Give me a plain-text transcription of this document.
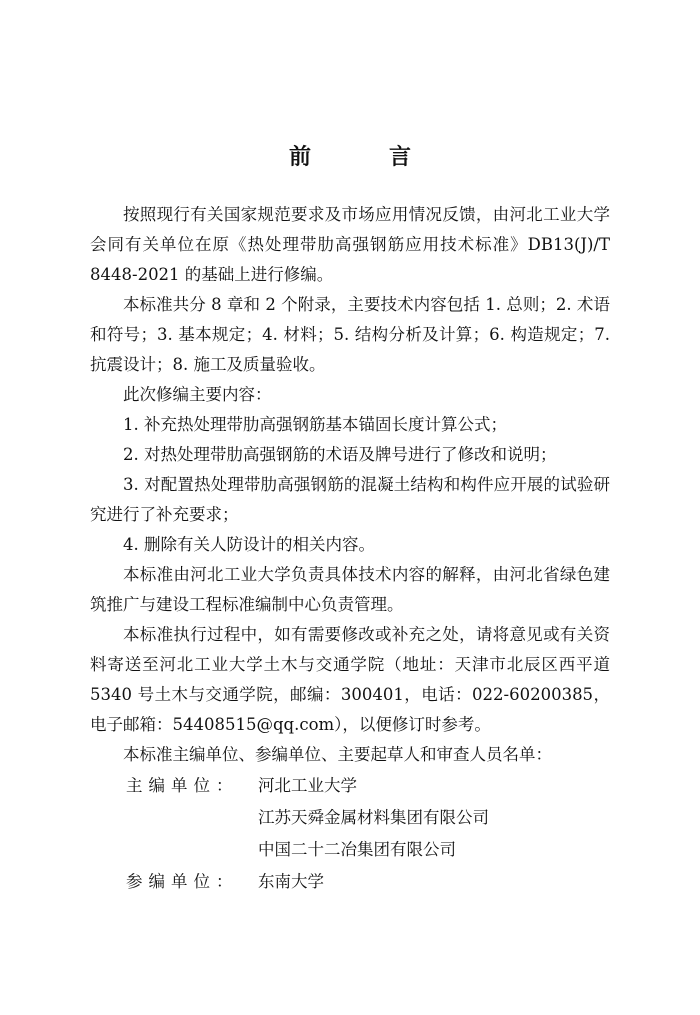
前　言

按照现行有关国家规范要求及市场应用情况反馈，由河北工业大学会同有关单位在原《热处理带肋高强钢筋应用技术标准》DB13(J)/T 8448-2021 的基础上进行修编。

本标准共分 8 章和 2 个附录，主要技术内容包括 1. 总则；2. 术语和符号；3. 基本规定；4. 材料；5. 结构分析及计算；6. 构造规定；7. 抗震设计；8. 施工及质量验收。

此次修编主要内容：

1. 补充热处理带肋高强钢筋基本锚固长度计算公式；

2. 对热处理带肋高强钢筋的术语及牌号进行了修改和说明；

3. 对配置热处理带肋高强钢筋的混凝土结构和构件应开展的试验研究进行了补充要求；

4. 删除有关人防设计的相关内容。

本标准由河北工业大学负责具体技术内容的解释，由河北省绿色建筑推广与建设工程标准编制中心负责管理。

本标准执行过程中，如有需要修改或补充之处，请将意见或有关资料寄送至河北工业大学土木与交通学院（地址：天津市北辰区西平道 5340 号土木与交通学院，邮编：300401，电话：022-60200385，电子邮箱：54408515@qq.com），以便修订时参考。

本标准主编单位、参编单位、主要起草人和审查人员名单：

主编单位：	河北工业大学
江苏天舜金属材料集团有限公司
中国二十二冶集团有限公司
参编单位：	东南大学
